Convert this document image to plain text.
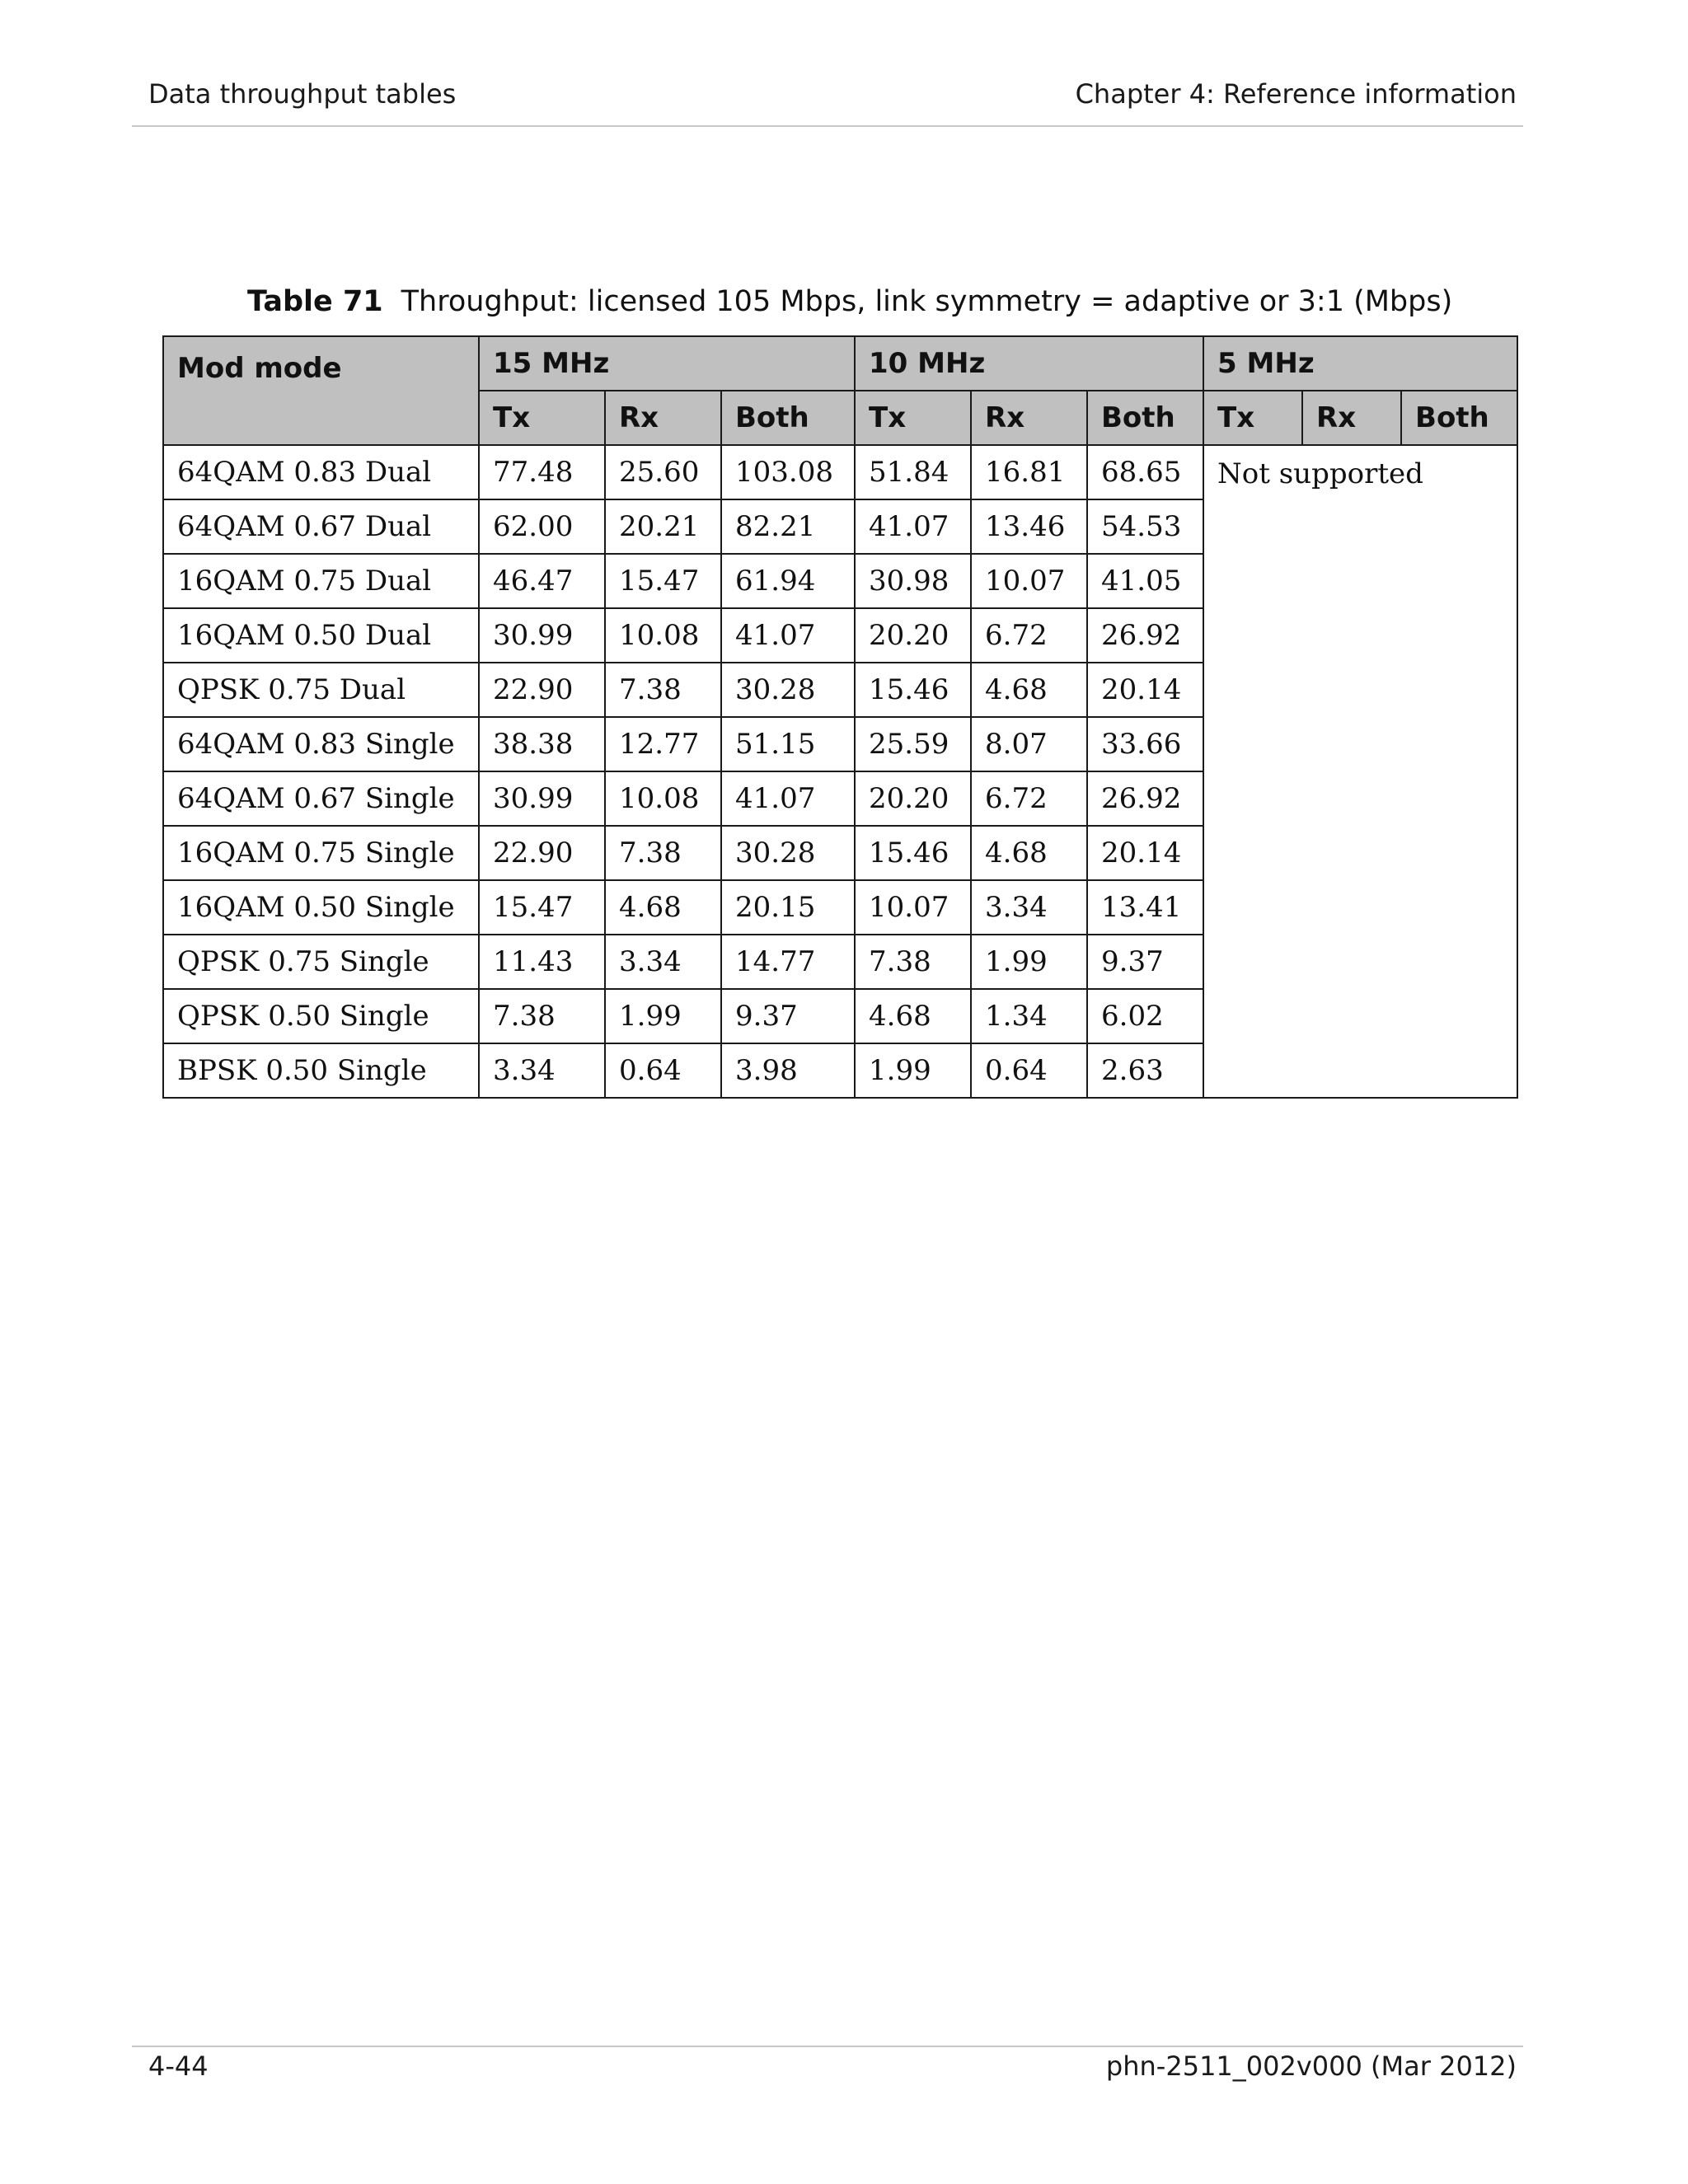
Data throughput tables	Chapter 4: Reference information
Table 71 Throughput: licensed 105 Mbps, link symmetry = adaptive or 3:1 (Mbps)
Mod mode	15 MHz			10 MHz			5 MHz		
	Tx	Rx	Both	Tx	Rx	Both	Tx	Rx	Both
64QAM 0.83 Dual	77.48	25.60	103.08	51.84	16.81	68.65	Not supported		
64QAM 0.67 Dual	62.00	20.21	82.21	41.07	13.46	54.53			
16QAM 0.75 Dual	46.47	15.47	61.94	30.98	10.07	41.05			
16QAM 0.50 Dual	30.99	10.08	41.07	20.20	6.72	26.92			
QPSK 0.75 Dual	22.90	7.38	30.28	15.46	4.68	20.14			
64QAM 0.83 Single	38.38	12.77	51.15	25.59	8.07	33.66			
64QAM 0.67 Single	30.99	10.08	41.07	20.20	6.72	26.92			
16QAM 0.75 Single	22.90	7.38	30.28	15.46	4.68	20.14			
16QAM 0.50 Single	15.47	4.68	20.15	10.07	3.34	13.41			
QPSK 0.75 Single	11.43	3.34	14.77	7.38	1.99	9.37			
QPSK 0.50 Single	7.38	1.99	9.37	4.68	1.34	6.02			
BPSK 0.50 Single	3.34	0.64	3.98	1.99	0.64	2.63			
4-44	phn-2511_002v000 (Mar 2012)
